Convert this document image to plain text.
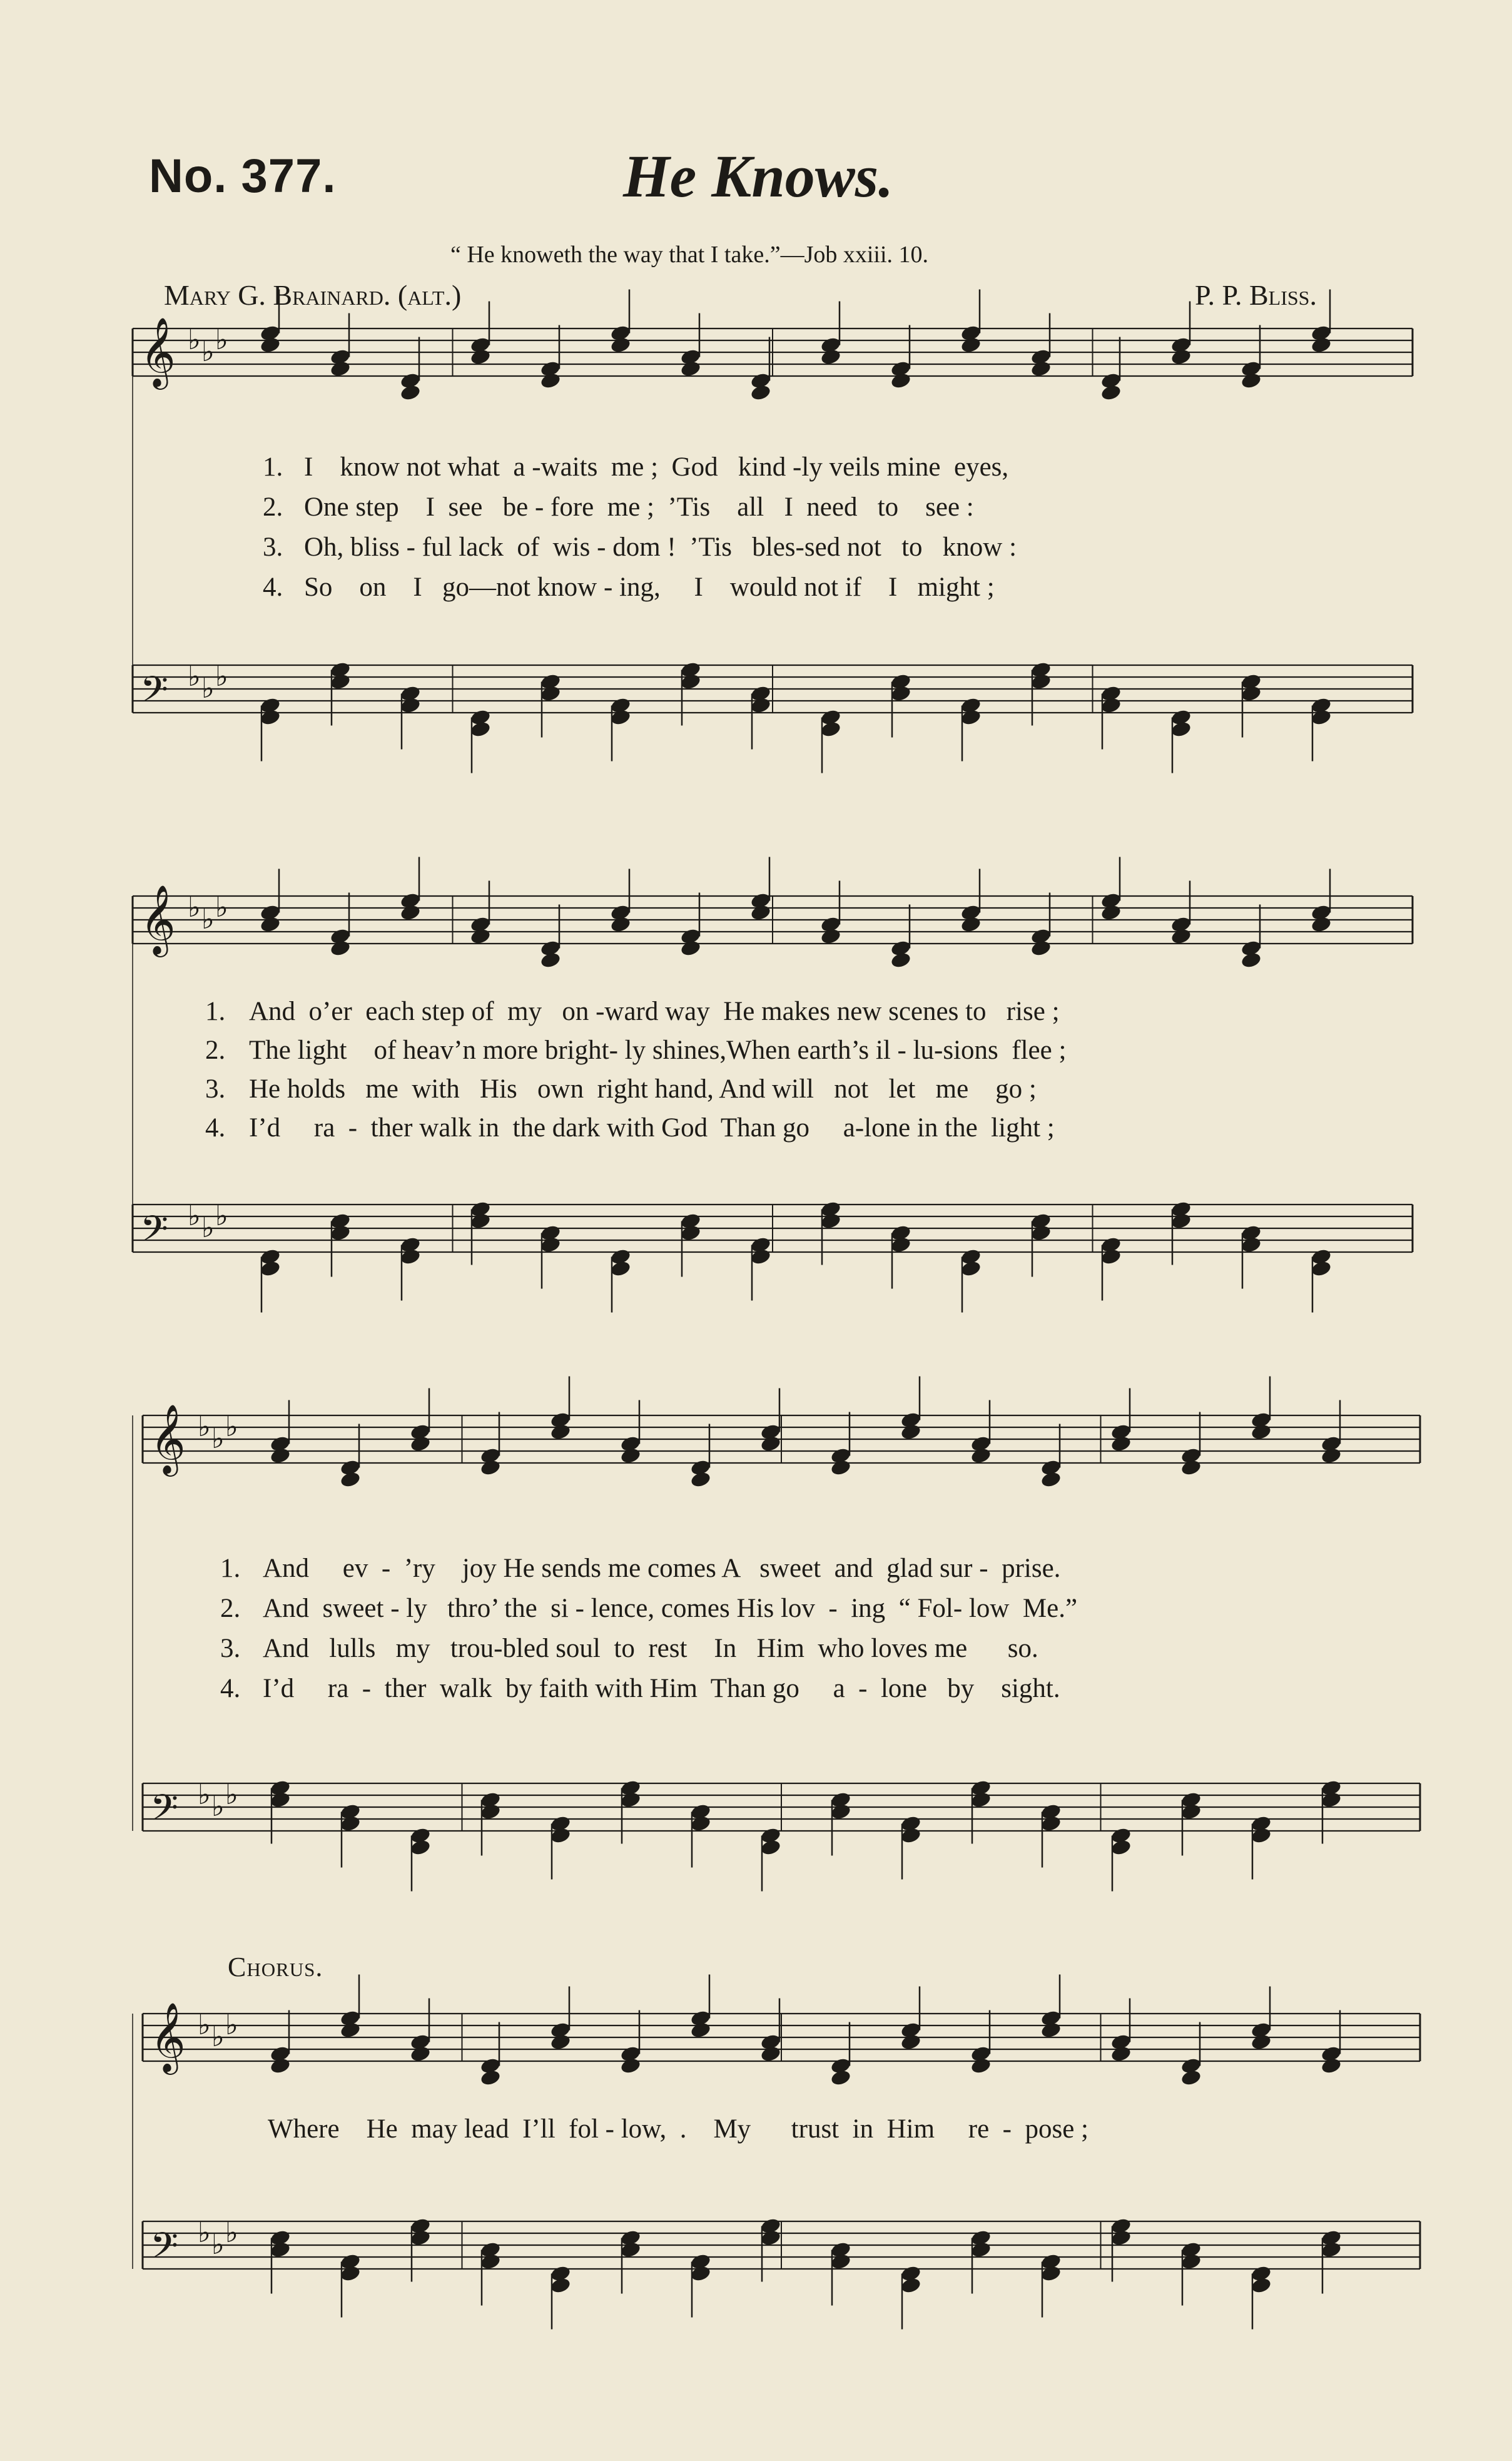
No. 377.	He Knows.
“ He knoweth the way that I take.”—Job xxiii. 10.
Mary G. Brainard. (alt.)	P. P. Bliss.
𝄞 ♭ ♭ ♭
𝄢 ♭ ♭ ♭
𝄞 ♭ ♭ ♭
𝄢 ♭ ♭ ♭
𝄞 ♭ ♭ ♭
𝄢 ♭ ♭ ♭
𝄞 ♭ ♭ ♭
𝄢 ♭ ♭ ♭
1. I    know not what  a -waits  me ;  God   kind -ly veils mine  eyes,
2. One step    I  see   be - fore  me ;  ’Tis    all   I  need   to    see :
3. Oh, bliss - ful lack  of  wis - dom !  ’Tis   bles-sed not   to   know :
4. So    on    I   go—not know - ing,     I    would not if    I   might ;
1. And  o’er  each step of  my   on -ward way  He makes new scenes to   rise ;
2. The light    of heav’n more bright- ly shines,When earth’s il - lu-sions  flee ;
3. He holds   me  with   His   own  right hand, And will   not   let   me    go ;
4. I’d     ra  -  ther walk in  the dark with God  Than go     a-lone in the  light ;
1. And     ev  -  ’ry    joy He sends me comes A   sweet  and  glad sur -  prise.
2. And  sweet - ly   thro’ the  si - lence, comes His lov  -  ing  “ Fol- low  Me.”
3. And   lulls   my   trou-bled soul  to  rest    In   Him  who loves me      so.
4. I’d     ra  -  ther  walk  by faith with Him  Than go     a  -  lone   by    sight.
Chorus.
Where    He  may lead  I’ll  fol - low,  .    My      trust  in  Him     re  -  pose ;
